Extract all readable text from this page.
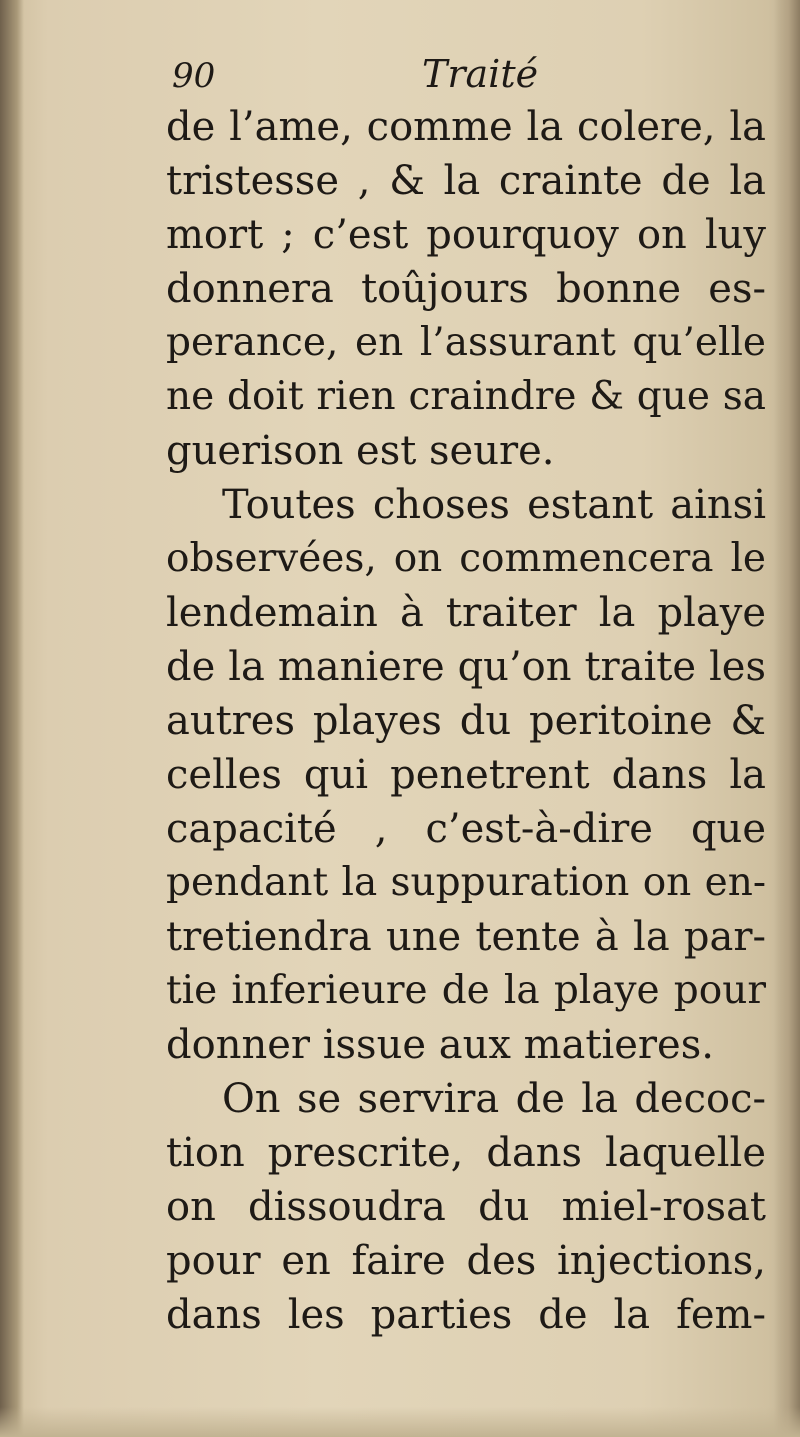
90	Traité
de l’ame, comme la colere, la
tristesse , & la crainte de la
mort ; c’est pourquoy on luy
donnera toûjours bonne es-
perance, en l’assurant qu’elle
ne doit rien craindre & que sa
guerison est seure.
Toutes choses estant ainsi
observées, on commencera le
lendemain à traiter la playe
de la maniere qu’on traite les
autres playes du peritoine &
celles qui penetrent dans la
capacité , c’est-à-dire que
pendant la suppuration on en-
tretiendra une tente à la par-
tie inferieure de la playe pour
donner issue aux matieres.
On se servira de la decoc-
tion prescrite, dans laquelle
on dissoudra du miel-rosat
pour en faire des injections,
dans les parties de la fem-
